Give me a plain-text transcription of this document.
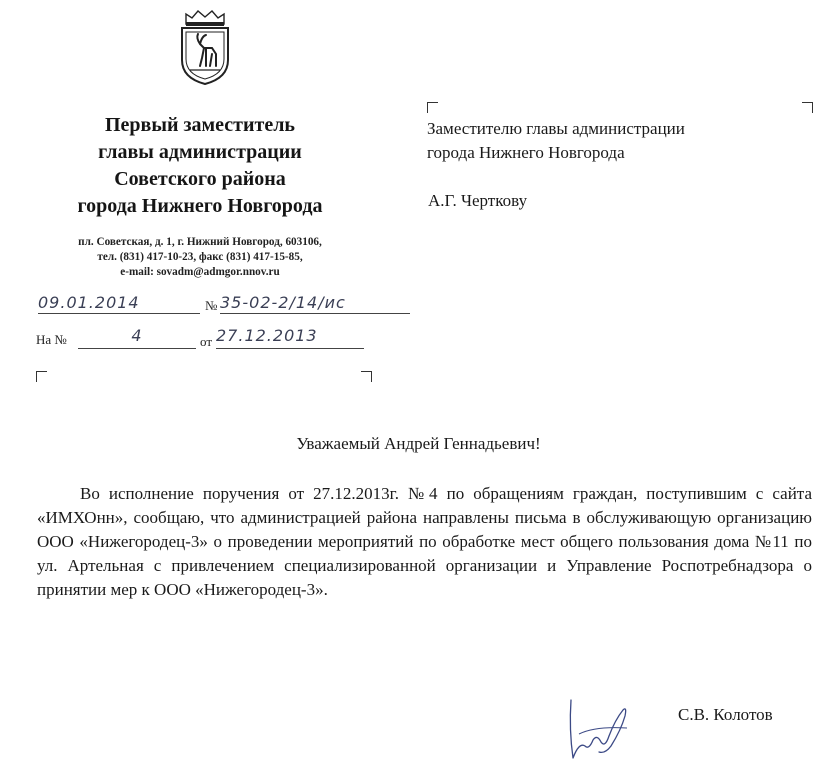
Первый заместитель
главы администрации
Советского района
города Нижнего Новгорода
пл. Советская, д. 1, г. Нижний Новгород, 603106,
тел. (831) 417-10-23, факс (831) 417-15-85,
e-mail: sovadm@admgor.nnov.ru
09.01.2014	№ 35-02-2/14/ис
На №	4	от 27.12.2013
Заместителю главы администрации
города Нижнего Новгорода
А.Г. Черткову
Уважаемый Андрей Геннадьевич!
Во исполнение поручения от 27.12.2013г. №4 по обращениям граждан, поступившим с сайта «ИМХОнн», сообщаю, что администрацией района направлены письма в обслуживающую организацию ООО «Нижегородец-3» о проведении мероприятий по обработке мест общего пользования дома №11 по ул. Артельная с привлечением специализированной организации и Управление Роспотребнадзора о принятии мер к ООО «Нижегородец-3».
С.В. Колотов
